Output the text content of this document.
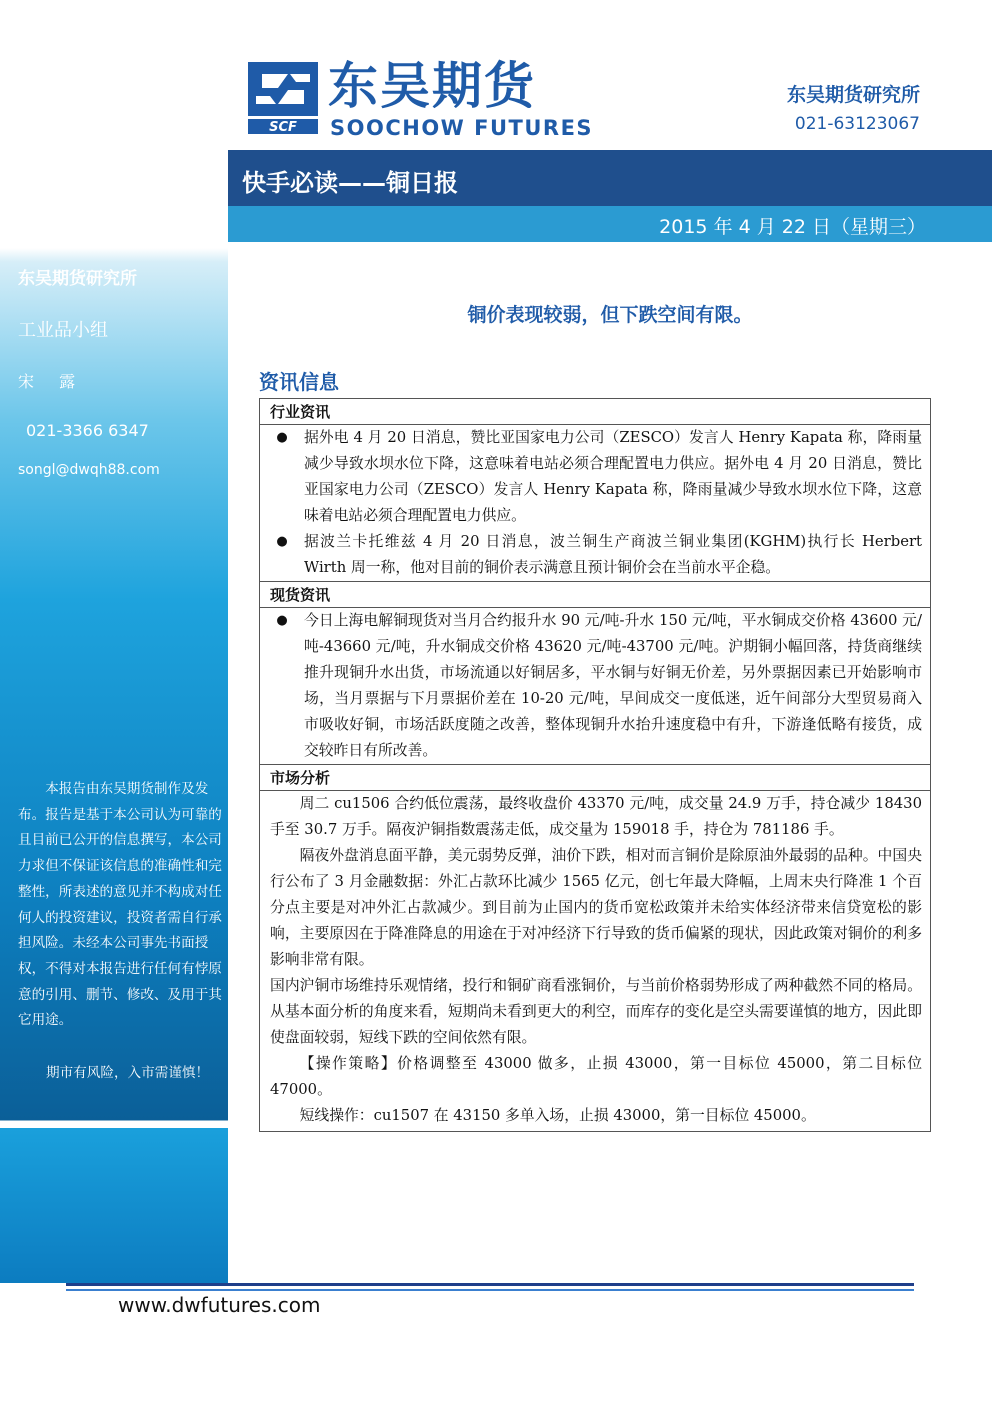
东吴期货研究所
工业品小组
宋 露
021-3366 6347
songl@dwqh88.com
本报告由东吴期货制作及发布。报告是基于本公司认为可靠的且目前已公开的信息撰写，本公司力求但不保证该信息的准确性和完整性，所表述的意见并不构成对任何人的投资建议，投资者需自行承担风险。未经本公司事先书面授权，不得对本报告进行任何有悖原意的引用、删节、修改、及用于其它用途。
期市有风险，入市需谨慎！
SCF
东吴期货
SOOCHOW FUTURES
东吴期货研究所
021-63123067
快手必读——铜日报
2015 年 4 月 22 日（星期三）
铜价表现较弱，但下跌空间有限。
资讯信息
行业资讯
●	据外电 4 月 20 日消息，赞比亚国家电力公司（ZESCO）发言人 Henry Kapata 称，降雨量减少导致水坝水位下降，这意味着电站必须合理配置电力供应。据外电 4 月 20 日消息，赞比亚国家电力公司（ZESCO）发言人 Henry Kapata 称，降雨量减少导致水坝水位下降，这意味着电站必须合理配置电力供应。
●	据波兰卡托维兹 4 月 20 日消息，波兰铜生产商波兰铜业集团(KGHM)执行长 Herbert Wirth 周一称，他对目前的铜价表示满意且预计铜价会在当前水平企稳。
现货资讯
●	今日上海电解铜现货对当月合约报升水 90 元/吨-升水 150 元/吨，平水铜成交价格 43600 元/吨-43660 元/吨，升水铜成交价格 43620 元/吨-43700 元/吨。沪期铜小幅回落，持货商继续推升现铜升水出货，市场流通以好铜居多，平水铜与好铜无价差，另外票据因素已开始影响市场，当月票据与下月票据价差在 10-20 元/吨，早间成交一度低迷，近午间部分大型贸易商入市吸收好铜，市场活跃度随之改善，整体现铜升水抬升速度稳中有升，下游逢低略有接货，成交较昨日有所改善。
市场分析
周二 cu1506 合约低位震荡，最终收盘价 43370 元/吨，成交量 24.9 万手，持仓减少 18430 手至 30.7 万手。隔夜沪铜指数震荡走低，成交量为 159018 手，持仓为 781186 手。
隔夜外盘消息面平静，美元弱势反弹，油价下跌，相对而言铜价是除原油外最弱的品种。中国央行公布了 3 月金融数据：外汇占款环比减少 1565 亿元，创七年最大降幅，上周末央行降准 1 个百分点主要是对冲外汇占款减少。到目前为止国内的货币宽松政策并未给实体经济带来信贷宽松的影响，主要原因在于降准降息的用途在于对冲经济下行导致的货币偏紧的现状，因此政策对铜价的利多影响非常有限。
国内沪铜市场维持乐观情绪，投行和铜矿商看涨铜价，与当前价格弱势形成了两种截然不同的格局。从基本面分析的角度来看，短期尚未看到更大的利空，而库存的变化是空头需要谨慎的地方，因此即使盘面较弱，短线下跌的空间依然有限。
【操作策略】价格调整至 43000 做多，止损 43000，第一目标位 45000，第二目标位 47000。
短线操作：cu1507 在 43150 多单入场，止损 43000，第一目标位 45000。
www.dwfutures.com
